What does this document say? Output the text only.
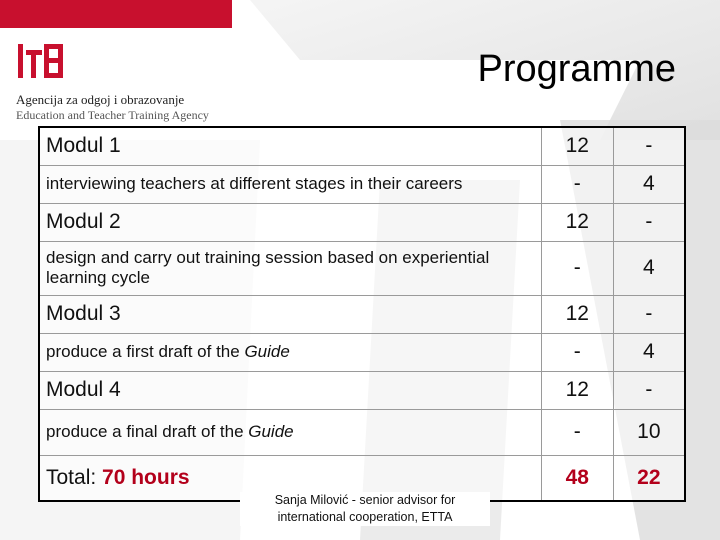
Agencija za odgoj i obrazovanje
Education and Teacher Training Agency
Programme
Modul 1	12	-
interviewing teachers at different stages in their careers	-	4
Modul 2	12	-
design and carry out training session based on experiential learning cycle	-	4
Modul 3	12	-
produce a first draft of the Guide	-	4
Modul 4	12	-
produce a final draft of the Guide	-	10
Total: 70 hours	48	22
Sanja Milović - senior advisor for
international cooperation, ETTA
